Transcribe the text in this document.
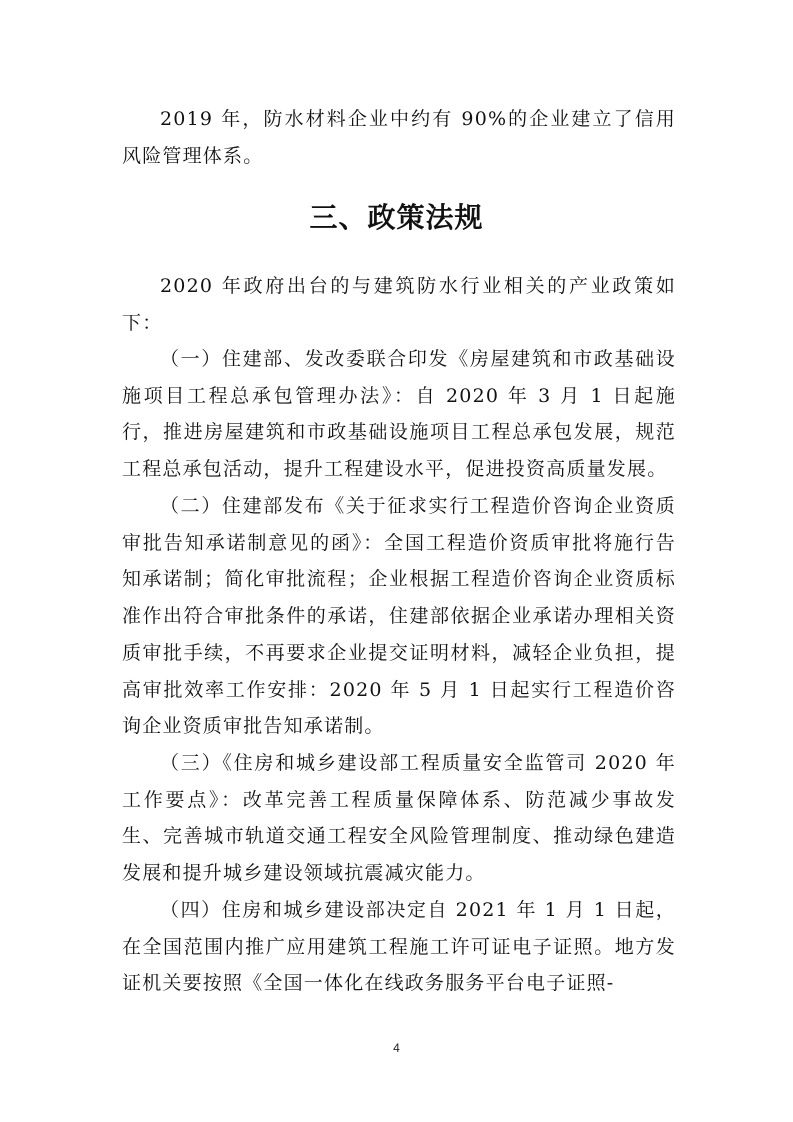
2019 年，防水材料企业中约有 90%的企业建立了信用风险管理体系。

三、政策法规

2020 年政府出台的与建筑防水行业相关的产业政策如下：

（一）住建部、发改委联合印发《房屋建筑和市政基础设施项目工程总承包管理办法》：自 2020 年 3 月 1 日起施行，推进房屋建筑和市政基础设施项目工程总承包发展，规范工程总承包活动，提升工程建设水平，促进投资高质量发展。

（二）住建部发布《关于征求实行工程造价咨询企业资质审批告知承诺制意见的函》：全国工程造价资质审批将施行告知承诺制；简化审批流程；企业根据工程造价咨询企业资质标准作出符合审批条件的承诺，住建部依据企业承诺办理相关资质审批手续，不再要求企业提交证明材料，减轻企业负担，提高审批效率工作安排：2020 年 5 月 1 日起实行工程造价咨询企业资质审批告知承诺制。

（三）《住房和城乡建设部工程质量安全监管司 2020 年工作要点》：改革完善工程质量保障体系、防范减少事故发生、完善城市轨道交通工程安全风险管理制度、推动绿色建造发展和提升城乡建设领域抗震减灾能力。

（四）住房和城乡建设部决定自 2021 年 1 月 1 日起，在全国范围内推广应用建筑工程施工许可证电子证照。地方发证机关要按照《全国一体化在线政务服务平台电子证照-

4
